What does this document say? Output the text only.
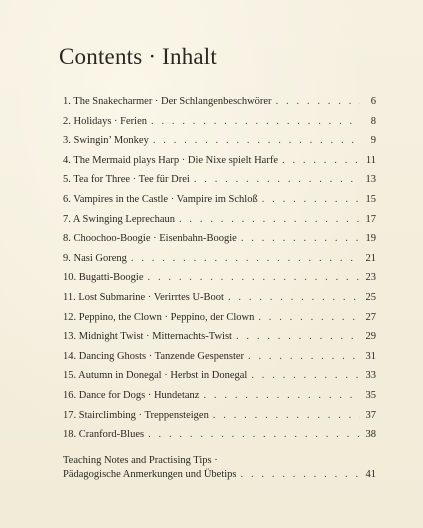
Contents · Inhalt
1. The Snakecharmer · Der Schlangenbeschwörer . . .	6
2. Holidays · Ferien . . .	8
3. Swingin’ Monkey . . .	9
4. The Mermaid plays Harp · Die Nixe spielt Harfe . . .	11
5. Tea for Three · Tee für Drei . . .	13
6. Vampires in the Castle · Vampire im Schloß . . .	15
7. A Swinging Leprechaun . . .	17
8. Choochoo-Boogie · Eisenbahn-Boogie . . .	19
9. Nasi Goreng . . .	21
10. Bugatti-Boogie . . .	23
11. Lost Submarine · Verirrtes U-Boot . . .	25
12. Peppino, the Clown · Peppino, der Clown . . .	27
13. Midnight Twist · Mitternachts-Twist . . .	29
14. Dancing Ghosts · Tanzende Gespenster . . .	31
15. Autumn in Donegal · Herbst in Donegal . . .	33
16. Dance for Dogs · Hundetanz . . .	35
17. Stairclimbing · Treppensteigen . . .	37
18. Cranford-Blues . . .	38
Teaching Notes and Practising Tips ·
Pädagogische Anmerkungen und Übetips . . .	41
